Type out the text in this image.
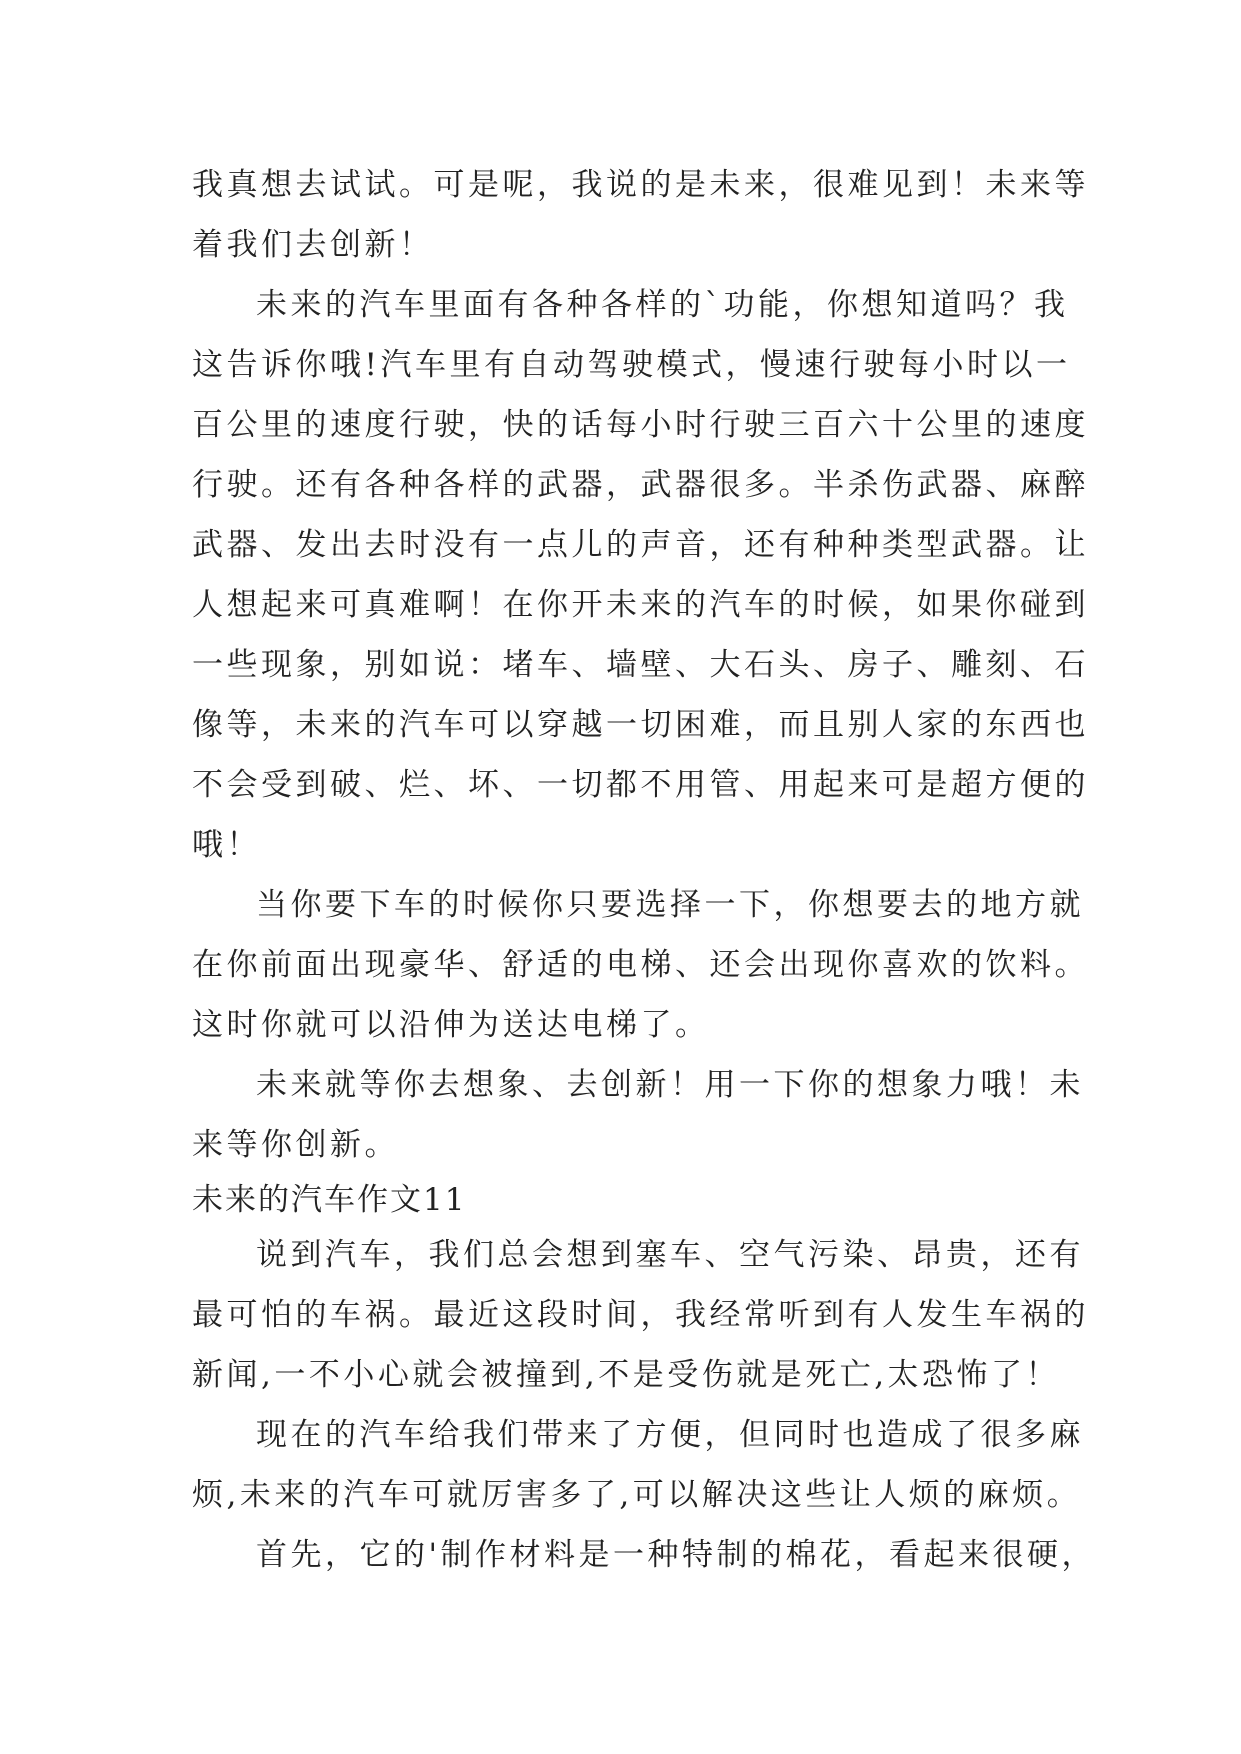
我真想去试试。可是呢，我说的是未来，很难见到！未来等
着我们去创新！
未来的汽车里面有各种各样的`功能，你想知道吗？我
这告诉你哦!汽车里有自动驾驶模式，慢速行驶每小时以一
百公里的速度行驶，快的话每小时行驶三百六十公里的速度
行驶。还有各种各样的武器，武器很多。半杀伤武器、麻醉
武器、发出去时没有一点儿的声音，还有种种类型武器。让
人想起来可真难啊！在你开未来的汽车的时候，如果你碰到
一些现象，别如说：堵车、墙壁、大石头、房子、雕刻、石
像等，未来的汽车可以穿越一切困难，而且别人家的东西也
不会受到破、烂、坏、一切都不用管、用起来可是超方便的
哦！
当你要下车的时候你只要选择一下，你想要去的地方就
在你前面出现豪华、舒适的电梯、还会出现你喜欢的饮料。
这时你就可以沿伸为送达电梯了。
未来就等你去想象、去创新！用一下你的想象力哦！未
来等你创新。
未来的汽车作文11
说到汽车，我们总会想到塞车、空气污染、昂贵，还有
最可怕的车祸。最近这段时间，我经常听到有人发生车祸的
新闻,一不小心就会被撞到,不是受伤就是死亡,太恐怖了！
现在的汽车给我们带来了方便，但同时也造成了很多麻
烦,未来的汽车可就厉害多了,可以解决这些让人烦的麻烦。
首先，它的'制作材料是一种特制的棉花，看起来很硬，
